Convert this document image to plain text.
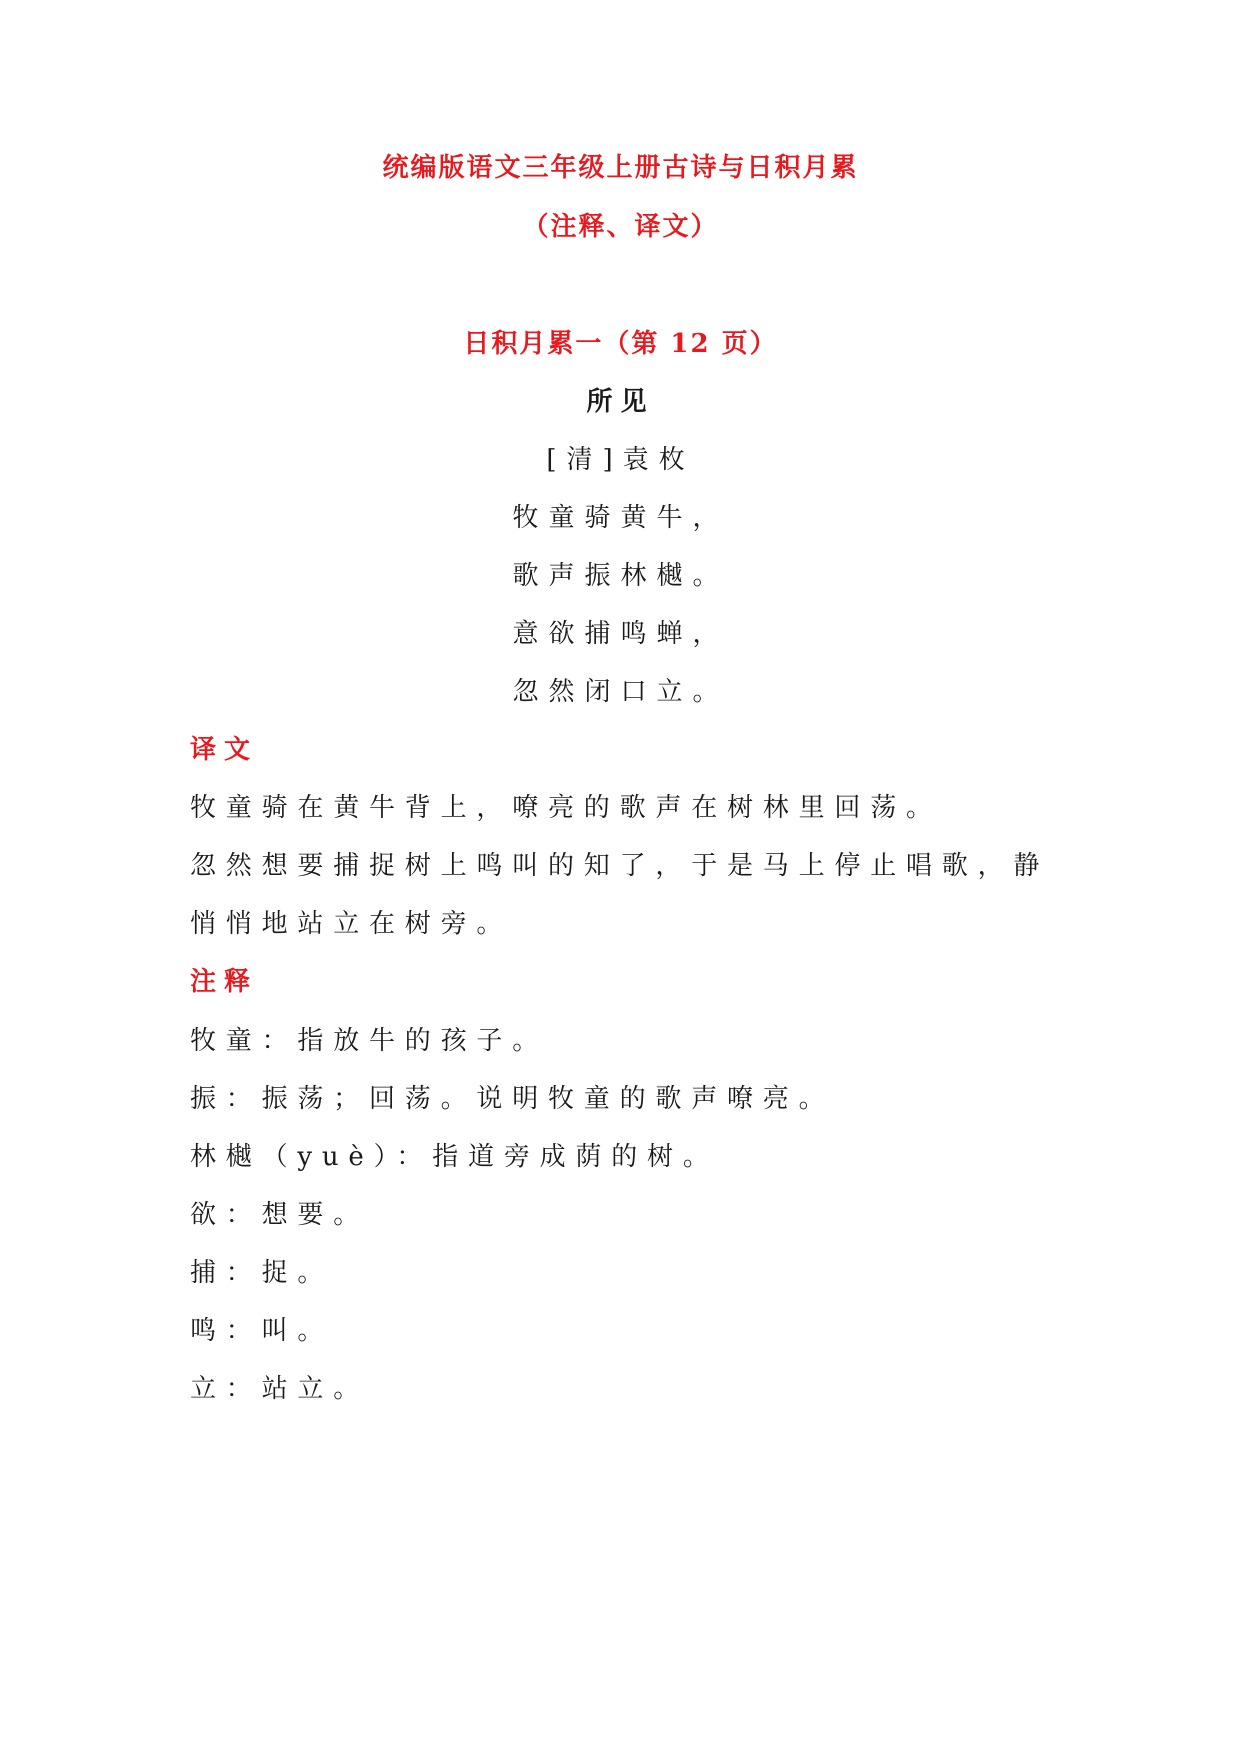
统编版语文三年级上册古诗与日积月累
（注释、译文）
日积月累一（第 12 页）
所见
[清]袁枚
牧童骑黄牛，
歌声振林樾。
意欲捕鸣蝉，
忽然闭口立。
译文
牧童骑在黄牛背上，嘹亮的歌声在树林里回荡。
忽然想要捕捉树上鸣叫的知了，于是马上停止唱歌，静
悄悄地站立在树旁。
注释
牧童：指放牛的孩子。
振：振荡；回荡。说明牧童的歌声嘹亮。
林樾（yuè）：指道旁成荫的树。
欲：想要。
捕：捉。
鸣：叫。
立：站立。
